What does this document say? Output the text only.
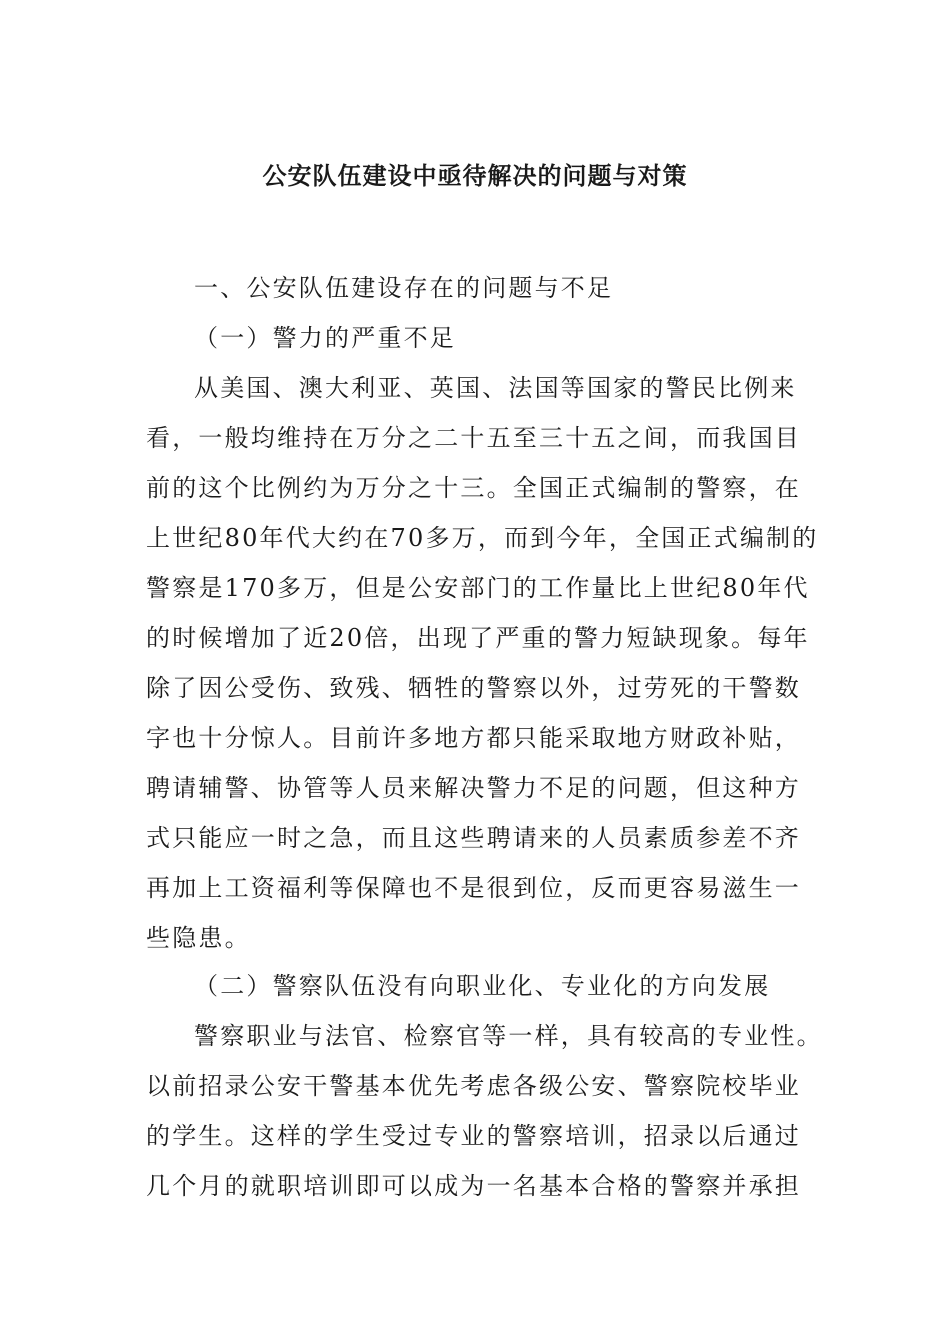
公安队伍建设中亟待解决的问题与对策
一、公安队伍建设存在的问题与不足
（一）警力的严重不足
从美国、澳大利亚、英国、法国等国家的警民比例来
看，一般均维持在万分之二十五至三十五之间，而我国目
前的这个比例约为万分之十三。全国正式编制的警察，在
上世纪80年代大约在70多万，而到今年，全国正式编制的
警察是170多万，但是公安部门的工作量比上世纪80年代
的时候增加了近20倍，出现了严重的警力短缺现象。每年
除了因公受伤、致残、牺牲的警察以外，过劳死的干警数
字也十分惊人。目前许多地方都只能采取地方财政补贴，
聘请辅警、协管等人员来解决警力不足的问题，但这种方
式只能应一时之急，而且这些聘请来的人员素质参差不齐
再加上工资福利等保障也不是很到位，反而更容易滋生一
些隐患。
（二）警察队伍没有向职业化、专业化的方向发展
警察职业与法官、检察官等一样，具有较高的专业性。
以前招录公安干警基本优先考虑各级公安、警察院校毕业
的学生。这样的学生受过专业的警察培训，招录以后通过
几个月的就职培训即可以成为一名基本合格的警察并承担
